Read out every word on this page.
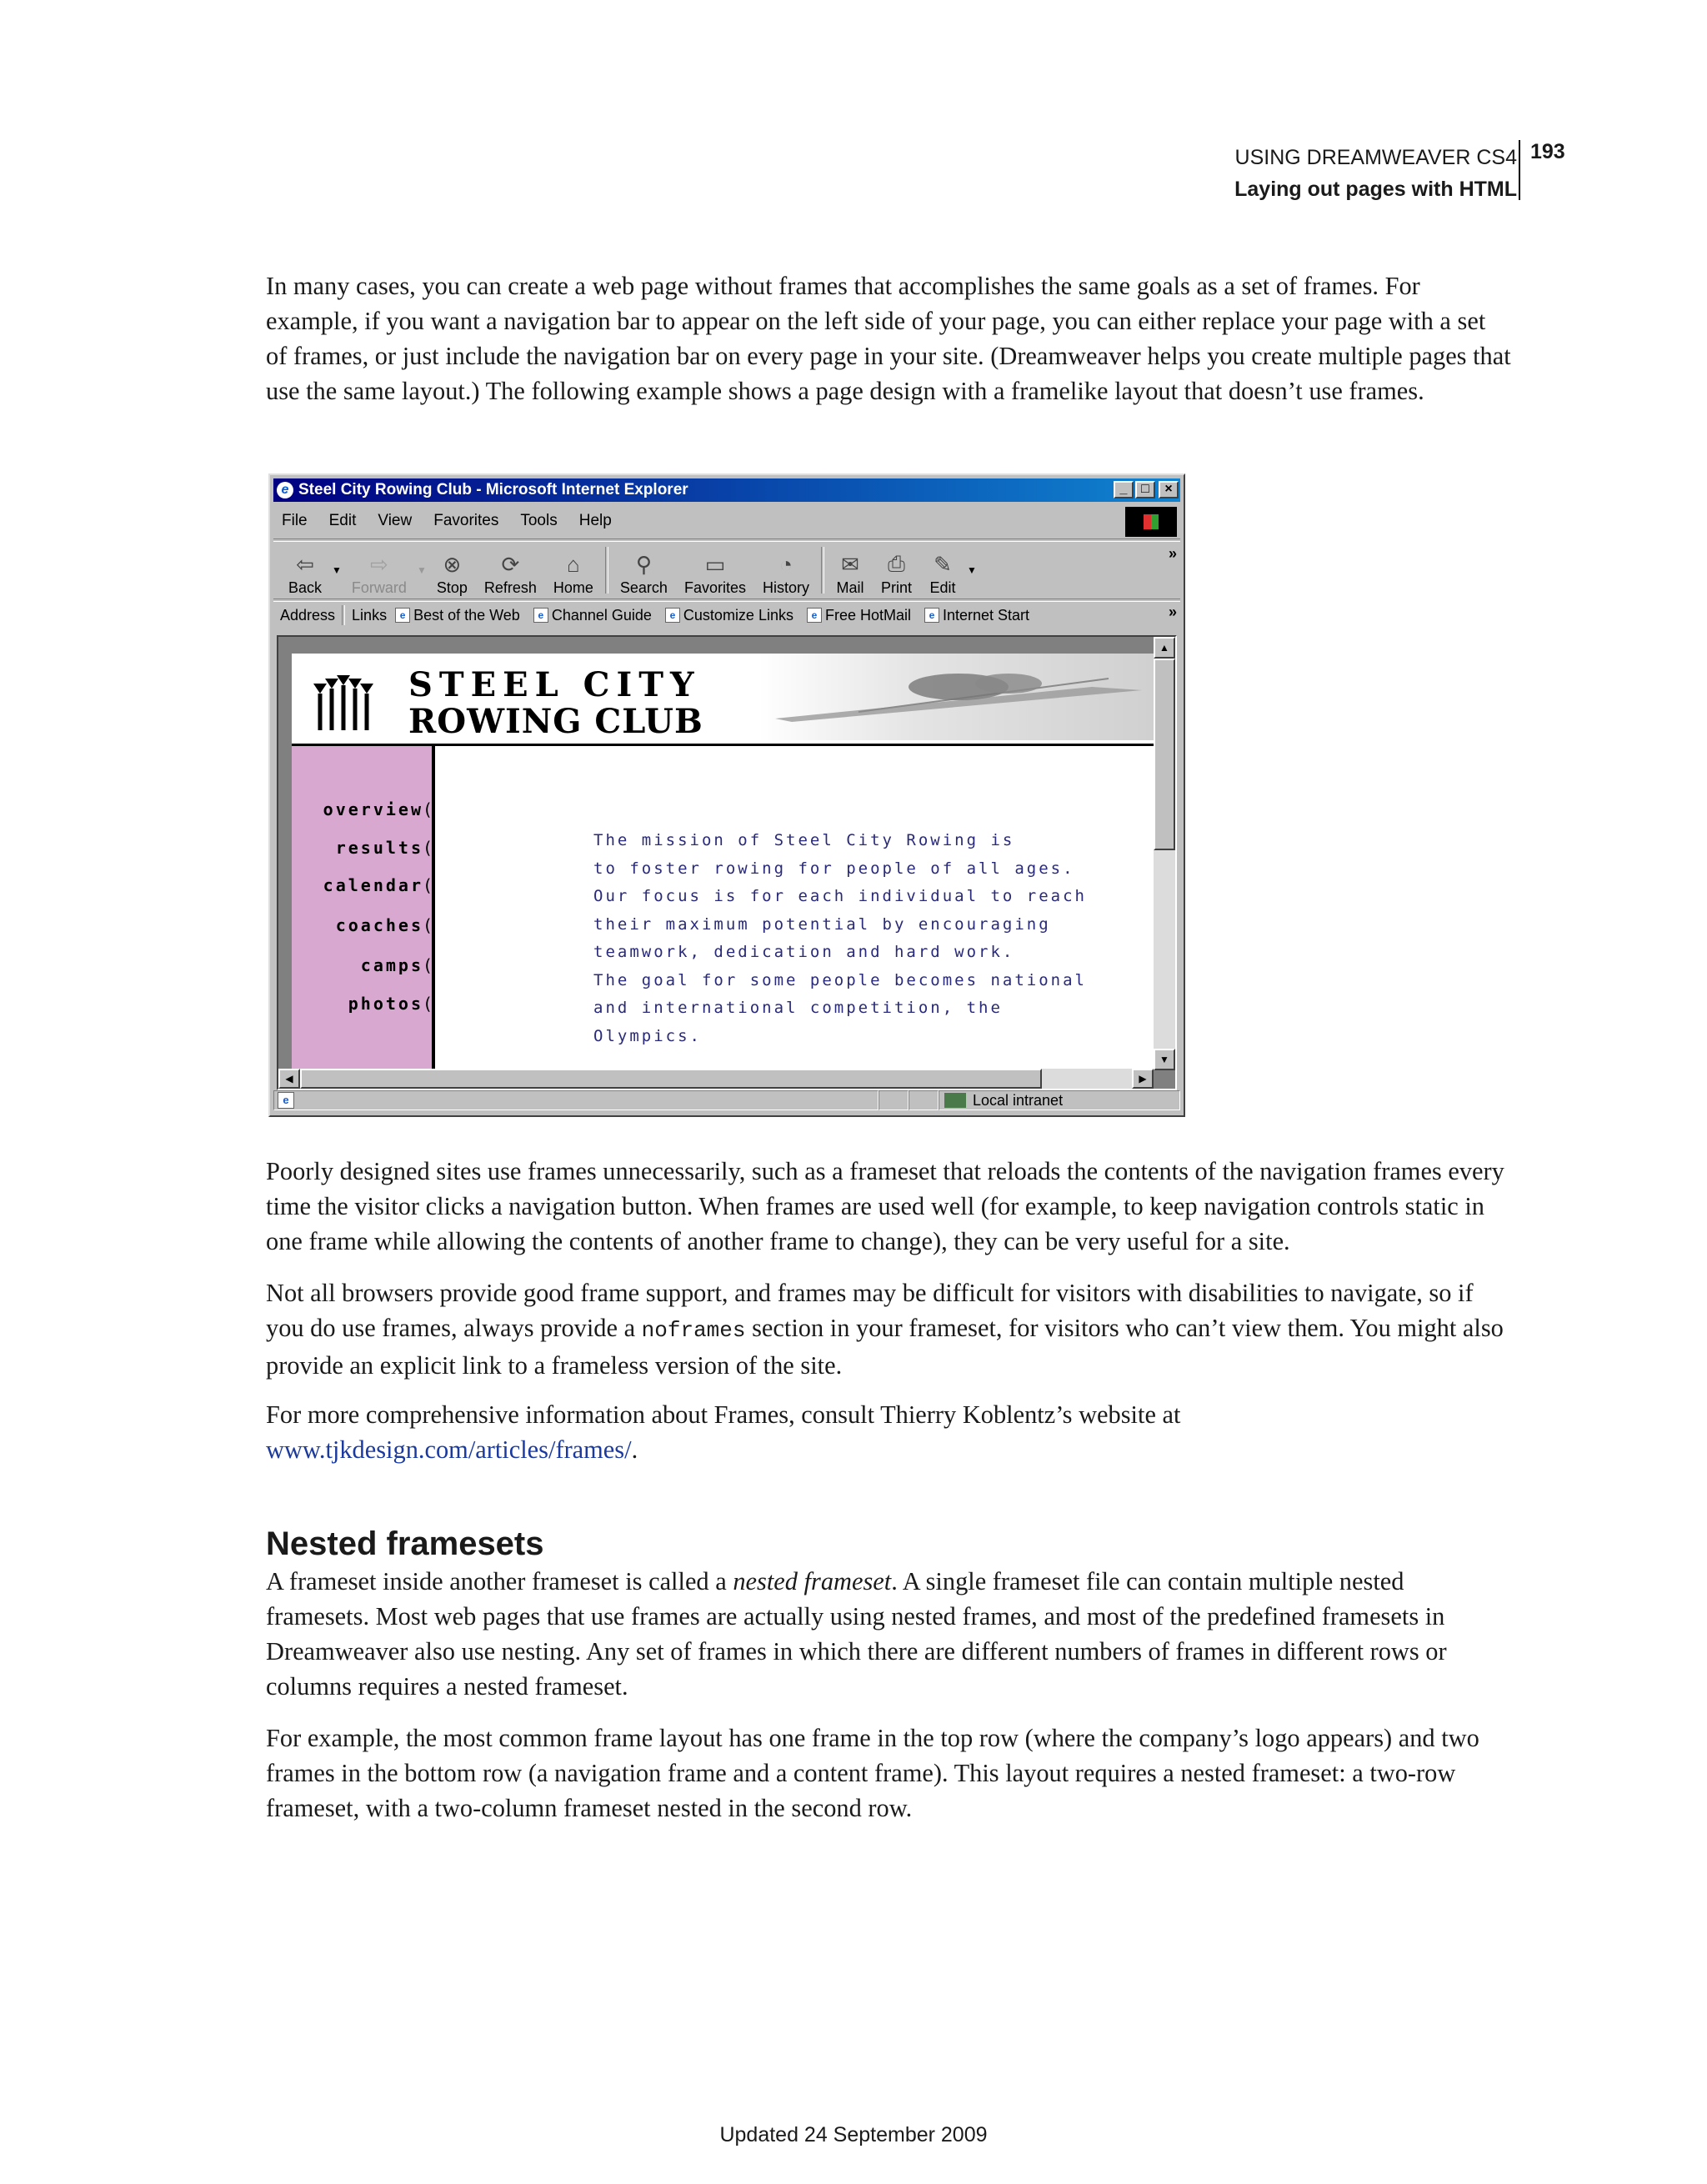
USING DREAMWEAVER CS4
Laying out pages with HTML
193

In many cases, you can create a web page without frames that accomplishes the same goals as a set of frames. For example, if you want a navigation bar to appear on the left side of your page, you can either replace your page with a set of frames, or just include the navigation bar on every page in your site. (Dreamweaver helps you create multiple pages that use the same layout.) The following example shows a page design with a framelike layout that doesn’t use frames.

e Steel City Rowing Club - Microsoft Internet Explorer	_	□	×
File Edit View Favorites Tools Help
⇦
Back
▼ ⇨
Forward
▼ ⊗
Stop
⟳
Refresh
⌂
Home
⚲
Search
▭
Favorites
◔
History
✉
Mail
⎙
Print
✎
Edit
▼
»
Address Links	e Best of the Web	e Channel Guide	e Customize Links	e Free HotMail	e Internet Start	»
STEEL CITY
ROWING CLUB
overview (
results (
calendar (
coaches (
camps (
photos (
The mission of Steel City Rowing is
to foster rowing for people of all ages.
Our focus is for each individual to reach
their maximum potential by encouraging
teamwork, dedication and hard work.
The goal for some people becomes national
and international competition, the
Olympics.
▲
▼
◀	▶
e	Local intranet

Poorly designed sites use frames unnecessarily, such as a frameset that reloads the contents of the navigation frames every time the visitor clicks a navigation button. When frames are used well (for example, to keep navigation controls static in one frame while allowing the contents of another frame to change), they can be very useful for a site.

Not all browsers provide good frame support, and frames may be difficult for visitors with disabilities to navigate, so if you do use frames, always provide a noframes section in your frameset, for visitors who can’t view them. You might also provide an explicit link to a frameless version of the site.

For more comprehensive information about Frames, consult Thierry Koblentz’s website at
www.tjkdesign.com/articles/frames/.

Nested framesets

A frameset inside another frameset is called a nested frameset. A single frameset file can contain multiple nested framesets. Most web pages that use frames are actually using nested frames, and most of the predefined framesets in Dreamweaver also use nesting. Any set of frames in which there are different numbers of frames in different rows or columns requires a nested frameset.

For example, the most common frame layout has one frame in the top row (where the company’s logo appears) and two frames in the bottom row (a navigation frame and a content frame). This layout requires a nested frameset: a two-row frameset, with a two-column frameset nested in the second row.

Updated 24 September 2009
